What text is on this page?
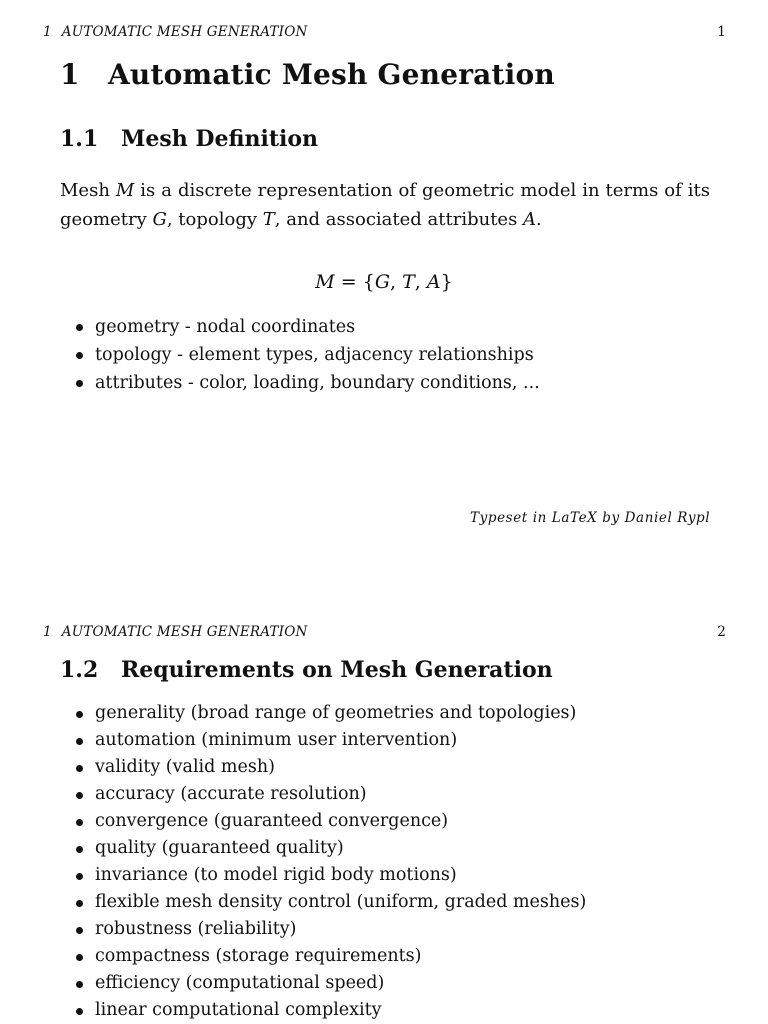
1 AUTOMATIC MESH GENERATION	1
1 Automatic Mesh Generation
1.1 Mesh Definition

Mesh M is a discrete representation of geometric model in terms of its geometry G, topology T, and associated attributes A.

M = {G, T, A}

geometry - nodal coordinates
topology - element types, adjacency relationships
attributes - color, loading, boundary conditions, ...
Typeset in LaTeX by Daniel Rypl
1 AUTOMATIC MESH GENERATION	2
1.2 Requirements on Mesh Generation
generality (broad range of geometries and topologies)
automation (minimum user intervention)
validity (valid mesh)
accuracy (accurate resolution)
convergence (guaranteed convergence)
quality (guaranteed quality)
invariance (to model rigid body motions)
flexible mesh density control (uniform, graded meshes)
robustness (reliability)
compactness (storage requirements)
efficiency (computational speed)
linear computational complexity
